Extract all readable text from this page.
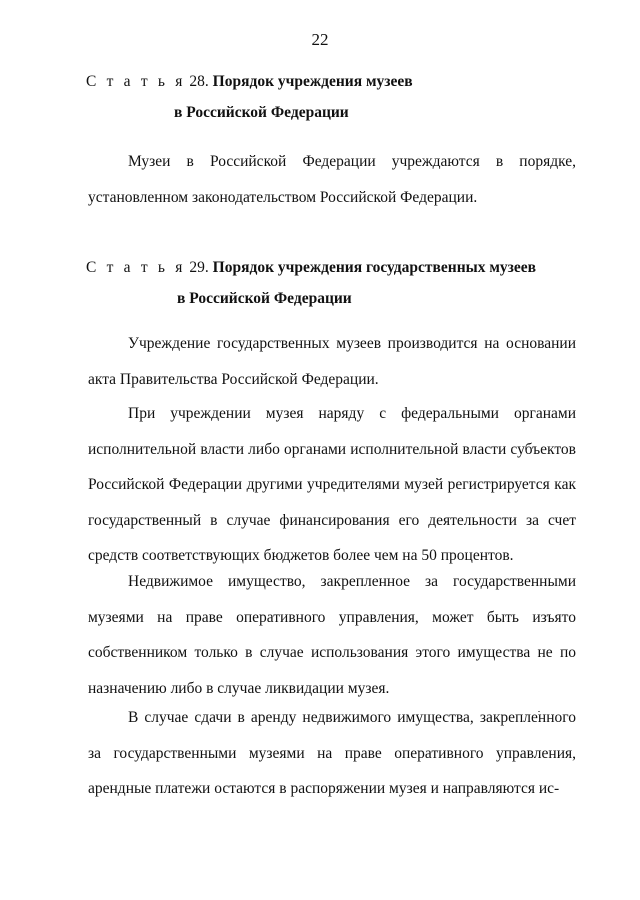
22
С т а т ь я 28. Порядок учреждения музеев
в Российской Федерации

Музеи в Российской Федерации учреждаются в порядке, установленном законодательством Российской Федерации.

С т а т ь я 29. Порядок учреждения государственных музеев
в Российской Федерации

Учреждение государственных музеев производится на основании акта Правительства Российской Федерации.

При учреждении музея наряду с федеральными органами исполнительной власти либо органами исполнительной власти субъектов Российской Федерации другими учредителями музей регистрируется как государственный в случае финансирования его деятельности за счет средств соответствующих бюджетов более чем на 50 процентов.

Недвижимое имущество, закрепленное за государственными музеями на праве оперативного управления, может быть изъято собственником только в случае использования этого имущества не по назначению либо в случае ликвидации музея.

В случае сдачи в аренду недвижимого имущества, закрепленного за государственными музеями на праве оперативного управления, арендные платежи остаются в распоряжении музея и направляются ис-
